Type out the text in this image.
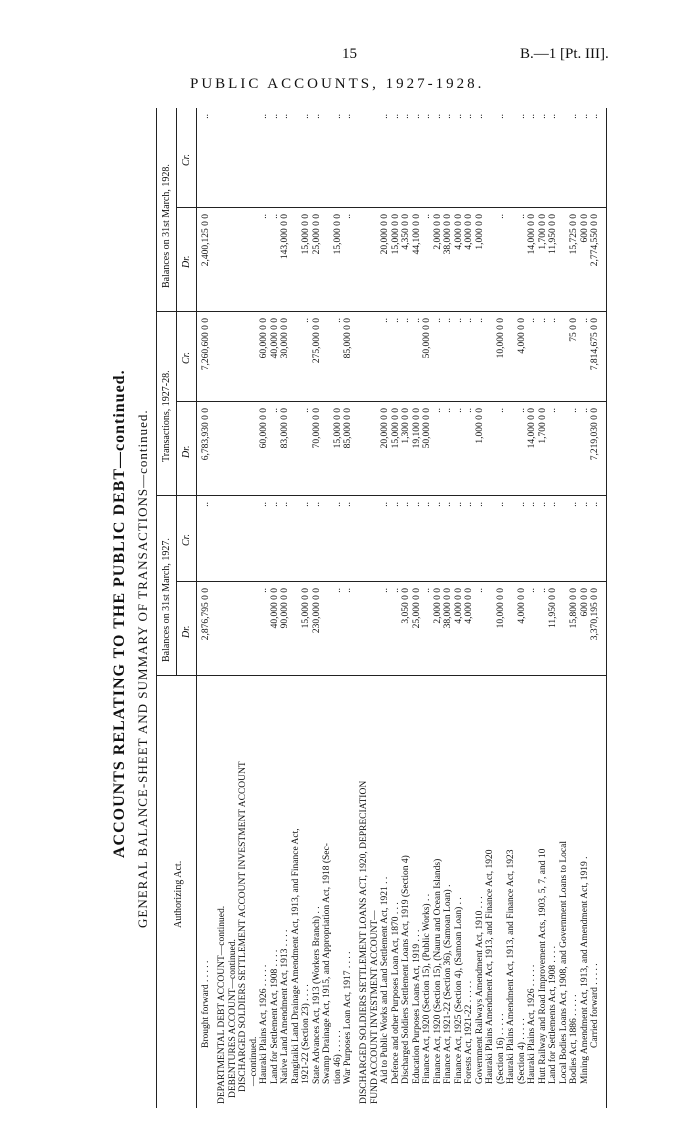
15	B.—1 [Pt. III].
PUBLIC ACCOUNTS, 1927-1928.
ACCOUNTS RELATING TO THE PUBLIC DEBT—continued. GENERAL BALANCE-SHEET AND SUMMARY OF TRANSACTIONS—continued. Authorizing Act.
Balances on 31st March, 1927.
Transactions, 1927-28.
Balances on 31st March, 1928.
Dr.
Cr.
Dr.
Cr.
Dr.
Cr.
Brought forward . . . . .
2,876,795 0 0
..
6,783,930 0 0
7,260,600 0 0
2,400,125 0 0
..
DEPARTMENTAL DEBT ACCOUNT—continued. DEBENTURES ACCOUNT—continued. DISCHARGED SOLDIERS SETTLEMENT ACCOUNT INVESTMENT ACCOUNT —continued. Hauraki Plains Act, 1926 . . . . .
..
..
60,000 0 0
60,000 0 0
..
..
Land for Settlement Act, 1908 . . . .
40,000 0 0
..
..
40,000 0 0
..
..
Native Land Amendment Act, 1913 . . . .
90,000 0 0
..
83,000 0 0
30,000 0 0
143,000 0 0
..
Rangitaiki Land Drainage Amendment Act, 1913, and Finance Act, 1921-22 (Section 23) . . . .
15,000 0 0
..
..
..
15,000 0 0
..
State Advances Act, 1913 (Workers Branch) . .
230,000 0 0
..
70,000 0 0
275,000 0 0
25,000 0 0
..
Swamp Drainage Act, 1915, and Appropriation Act, 1918 (Sec- tion 46) . . . . .
..
..
15,000 0 0
..
15,000 0 0
..
War Purposes Loan Act, 1917 . . . .
..
..
85,000 0 0
85,000 0 0
..
..
DISCHARGED SOLDIERS SETTLEMENT LOANS ACT, 1920, DEPRECIATION FUND ACCOUNT INVESTMENT ACCOUNT— Aid to Public Works and Land Settlement Act, 1921 . .
..
..
20,000 0 0
..
20,000 0 0
..
Defence and other Purposes Loan Act, 1870 . . .
..
..
15,000 0 0
..
15,000 0 0
..
Discharged Soldiers Settlement Loans Act, 1919 (Section 4)
3,050 0 0
..
1,300 0 0
..
4,350 0 0
..
Education Purposes Loans Act, 1919 . . .
25,000 0 0
..
19,100 0 0
..
44,100 0 0
..
Finance Act, 1920 (Section 15), (Public Works) . .
..
..
50,000 0 0
50,000 0 0
..
..
Finance Act, 1920 (Section 15), (Nauru and Ocean Islands)
2,000 0 0
..
..
..
2,000 0 0
..
Finance Act, 1921-22 (Section 36), (Samoan Loan) .
38,000 0 0
..
..
..
38,000 0 0
..
Finance Act, 1925 (Section 4), (Samoan Loan) . .
4,000 0 0
..
..
..
4,000 0 0
..
Forests Act, 1921-22 . . . . .
4,000 0 0
..
..
..
4,000 0 0
..
Government Railways Amendment Act, 1910 . . .
..
..
1,000 0 0
..
1,000 0 0
..
Hauraki Plains Amendment Act, 1913, and Finance Act, 1920 (Section 16) . . . . .
10,000 0 0
..
..
10,000 0 0
..
..
Hauraki Plains Amendment Act, 1913, and Finance Act, 1923 (Section 4) . . . . .
4,000 0 0
..
..
4,000 0 0
..
..
Hauraki Plains Act, 1926 . . . . .
..
..
14,000 0 0
..
14,000 0 0
..
Hutt Railway and Road Improvement Acts, 1903, 5, 7, and 10
..
..
1,700 0 0
..
1,700 0 0
..
Land for Settlements Act, 1908 . . . .
11,950 0 0
..
..
..
11,950 0 0
..
Local Bodies Loans Act, 1908, and Government Loans to Local Bodies Act, 1886 . . . . .
15,800 0 0
..
..
75 0 0
15,725 0 0
..
Mining Amendment Act, 1913, and Amendment Act, 1919 .
600 0 0
..
..
..
600 0 0
..
Carried forward . . . . .
3,370,195 0 0
..
7,219,030 0 0
7,814,675 0 0
2,774,550 0 0
..
